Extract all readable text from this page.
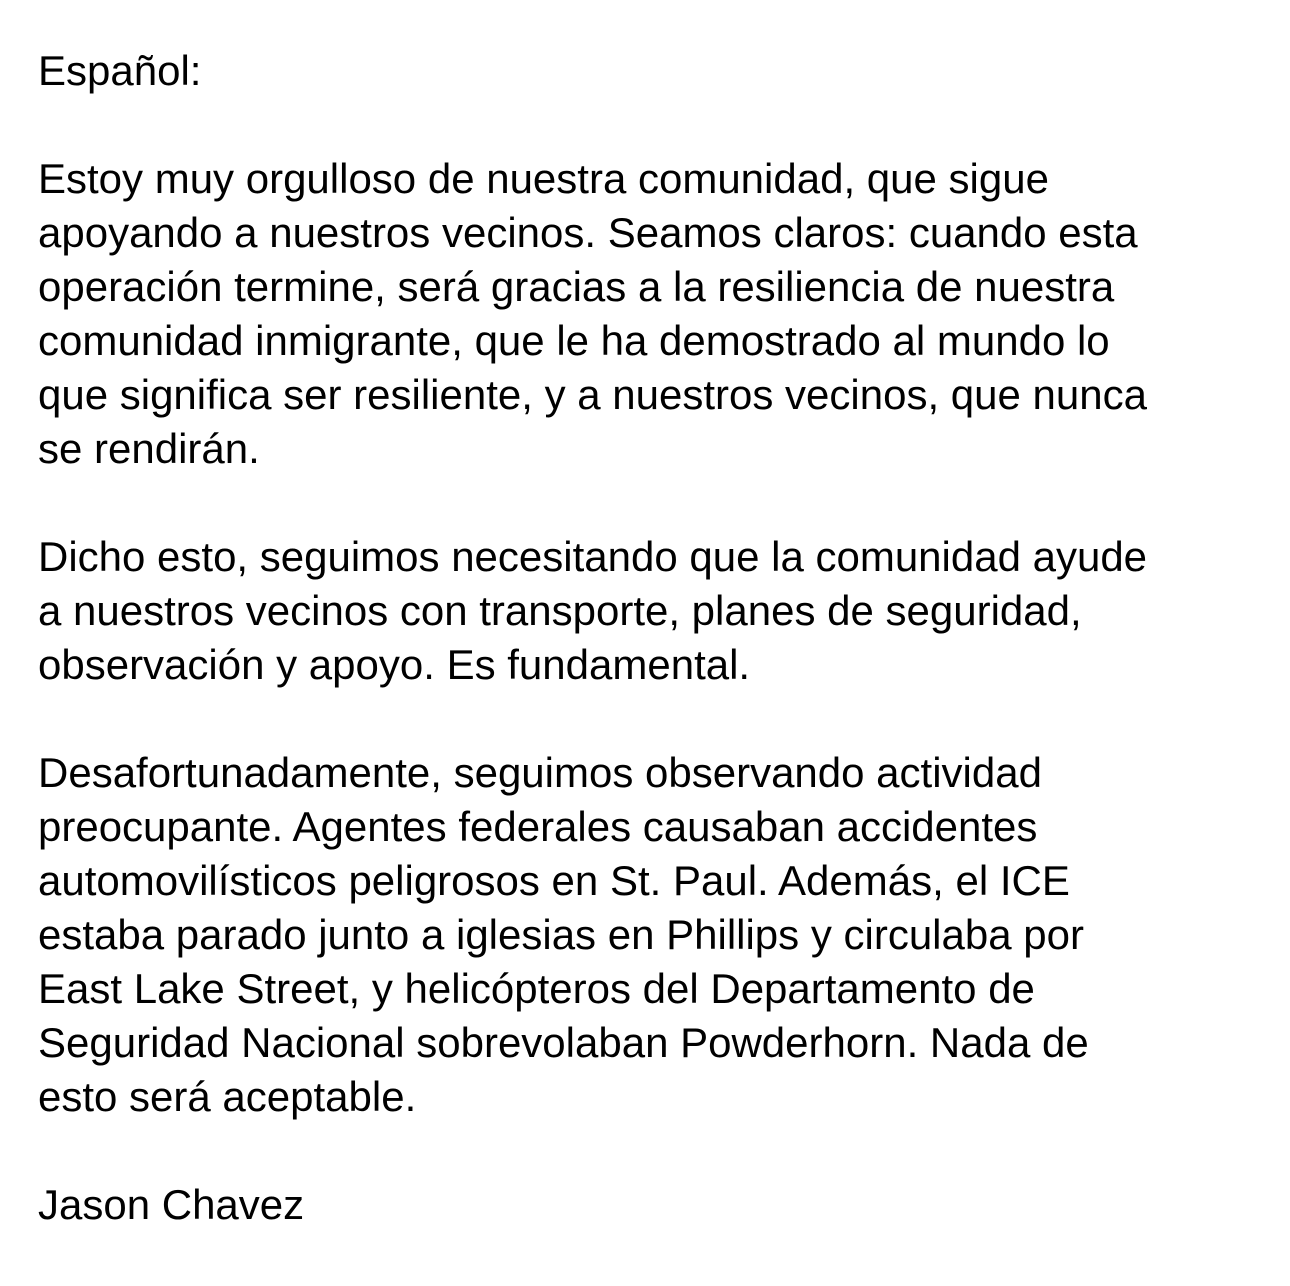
Español:

Estoy muy orgulloso de nuestra comunidad, que sigue
apoyando a nuestros vecinos. Seamos claros: cuando esta
operación termine, será gracias a la resiliencia de nuestra
comunidad inmigrante, que le ha demostrado al mundo lo
que significa ser resiliente, y a nuestros vecinos, que nunca
se rendirán.

Dicho esto, seguimos necesitando que la comunidad ayude
a nuestros vecinos con transporte, planes de seguridad,
observación y apoyo. Es fundamental.

Desafortunadamente, seguimos observando actividad
preocupante. Agentes federales causaban accidentes
automovilísticos peligrosos en St. Paul. Además, el ICE
estaba parado junto a iglesias en Phillips y circulaba por
East Lake Street, y helicópteros del Departamento de
Seguridad Nacional sobrevolaban Powderhorn. Nada de
esto será aceptable.

Jason Chavez
